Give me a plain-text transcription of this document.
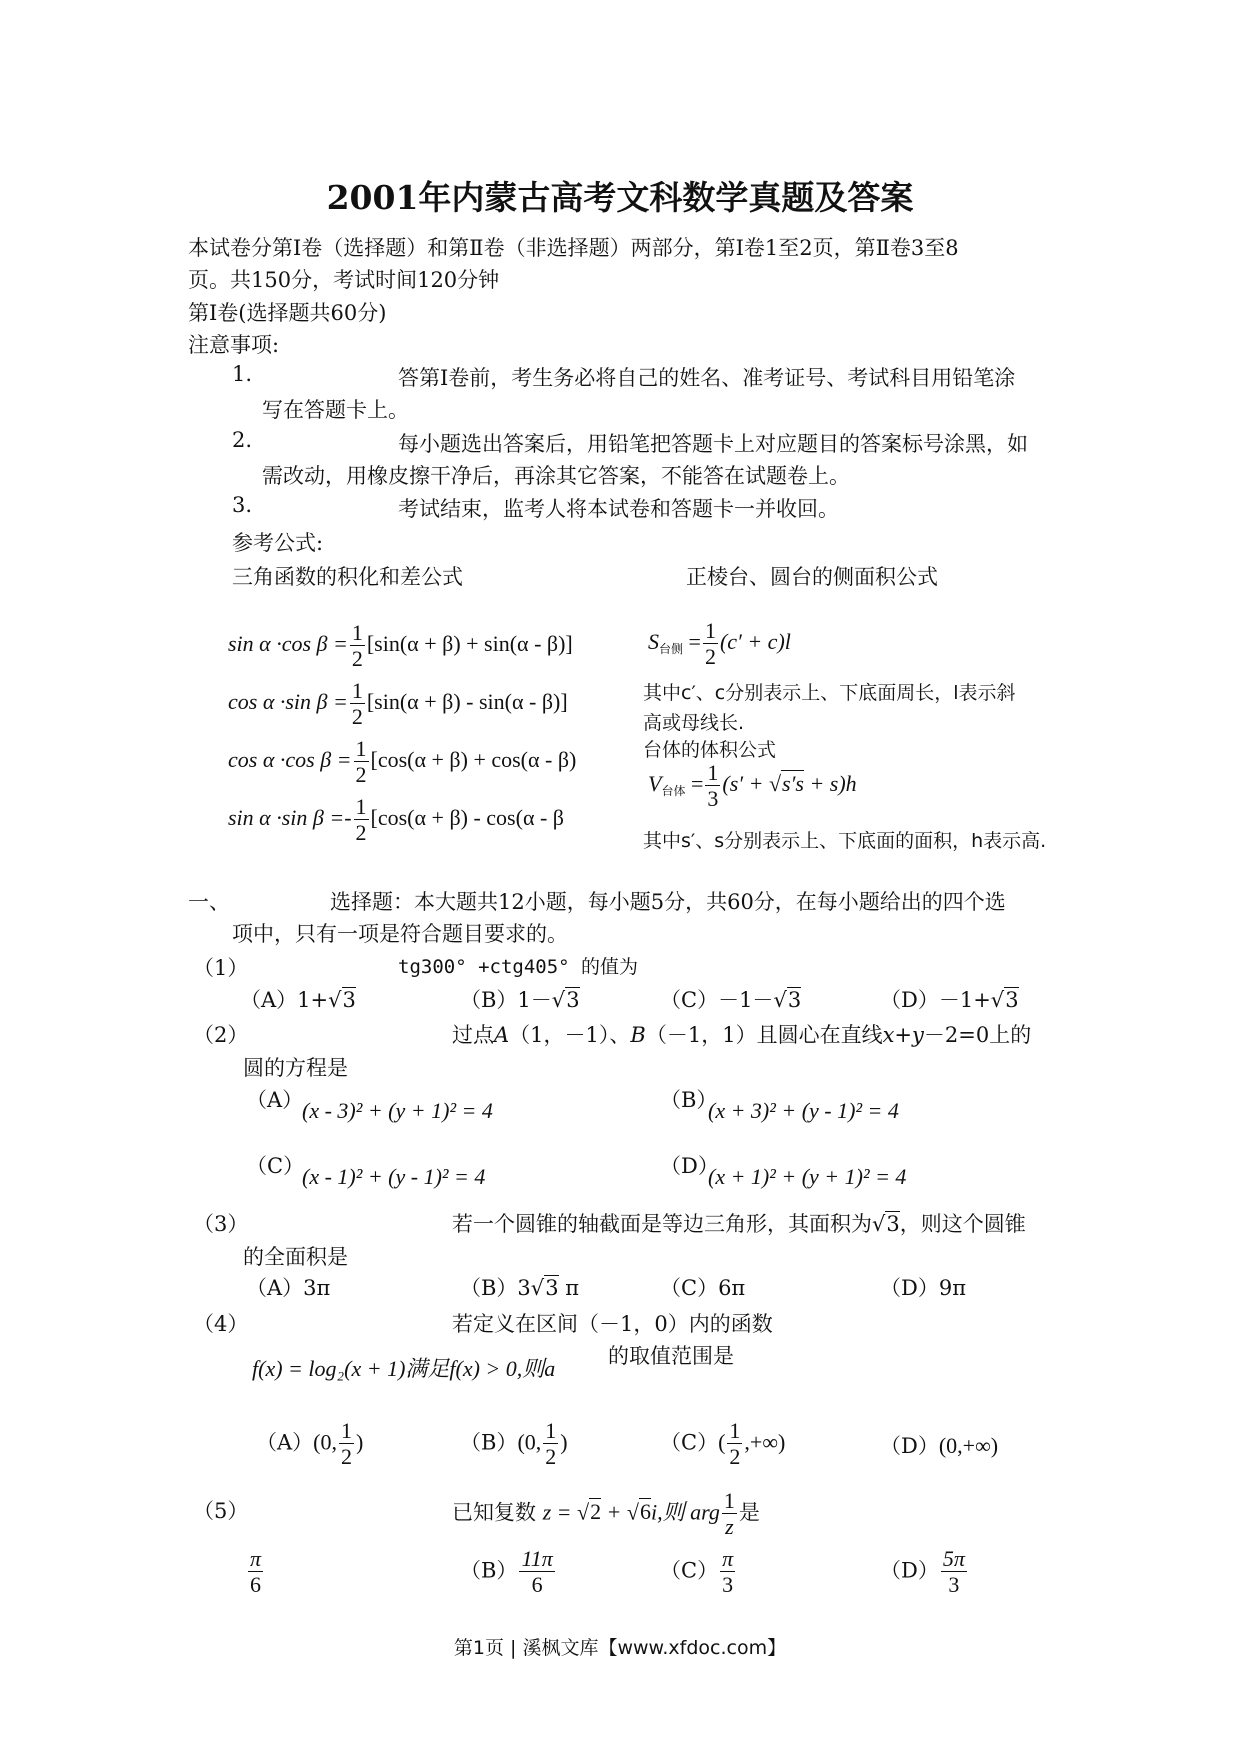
2001年内蒙古高考文科数学真题及答案
本试卷分第Ⅰ卷（选择题）和第Ⅱ卷（非选择题）两部分，第Ⅰ卷1至2页，第Ⅱ卷3至8
页。共150分，考试时间120分钟
第Ⅰ卷(选择题共60分)
注意事项:
1.	答第Ⅰ卷前，考生务必将自己的姓名、准考证号、考试科目用铅笔涂
写在答题卡上。
2.	每小题选出答案后，用铅笔把答题卡上对应题目的答案标号涂黑，如
需改动，用橡皮擦干净后，再涂其它答案，不能答在试题卷上。
3.	考试结束，监考人将本试卷和答题卡一并收回。
参考公式:
三角函数的积化和差公式	正棱台、圆台的侧面积公式
sin α ·cos $\beta = \frac{1}{2} [\sin(\alpha + \beta) + \sin(\alpha - \beta)]$
cos α ·sin $\beta = \frac{1}{2} [\sin(\alpha + \beta) - \sin(\alpha - \beta)]$
cos α ·cos $\beta = \frac{1}{2} [\cos(\alpha + \beta) + \cos(\alpha - \beta)$
sin α ·sin $\beta =- \frac{1}{2} [\cos(\alpha + \beta) - \cos(\alpha - \beta$
$S_{台侧} = \frac{1}{2} (c' + c)l$
其中c′、c分别表示上、下底面周长，l表示斜
高或母线长.
台体的体积公式
$V_{台体} = \frac{1}{3} (s' + √s's + s)h$
其中s′、s分别表示上、下底面的面积，h表示高.
一、	选择题：本大题共12小题，每小题5分，共60分，在每小题给出的四个选
项中，只有一项是符合题目要求的。
（1）	tg300° +ctg405° 的值为
（A）1+√3	（B）1－√3	（C）－1－√3	（D）－1+√3
（2）	过点A（1，－1）、B（－1，1）且圆心在直线x+y－2=0上的
圆的方程是
（A）
(x - 3)² + (y + 1)² = 4	（B）
(x + 3)² + (y - 1)² = 4
（C）
(x - 1)² + (y - 1)² = 4	（D）
(x + 1)² + (y + 1)² = 4
（3）	若一个圆锥的轴截面是等边三角形，其面积为√3，则这个圆锥
的全面积是
（A）3π	（B）3√3 π	（C）6π	（D）9π
（4）	若定义在区间（－1，0）内的函数
f(x) = log₂(x + 1)满足f(x) > 0,则a	的取值范围是
（A）(0, $\frac{1}{2}$ )	（B）(0, $\frac{1}{2}$ )	$(C)( \frac{1}{2}$ ,+∞)	（D）(0,+∞)
（5）	已知复数 z = √2 + √6i,则 arg $\frac{1}{z}$ 是
$\frac{\pi}{6}$	$(B) \frac{11\pi}{6}$	$(C) \frac{\pi}{3}$	$(D) \frac{5\pi}{3}$
第1页 | 溪枫文库【www.xfdoc.com】
